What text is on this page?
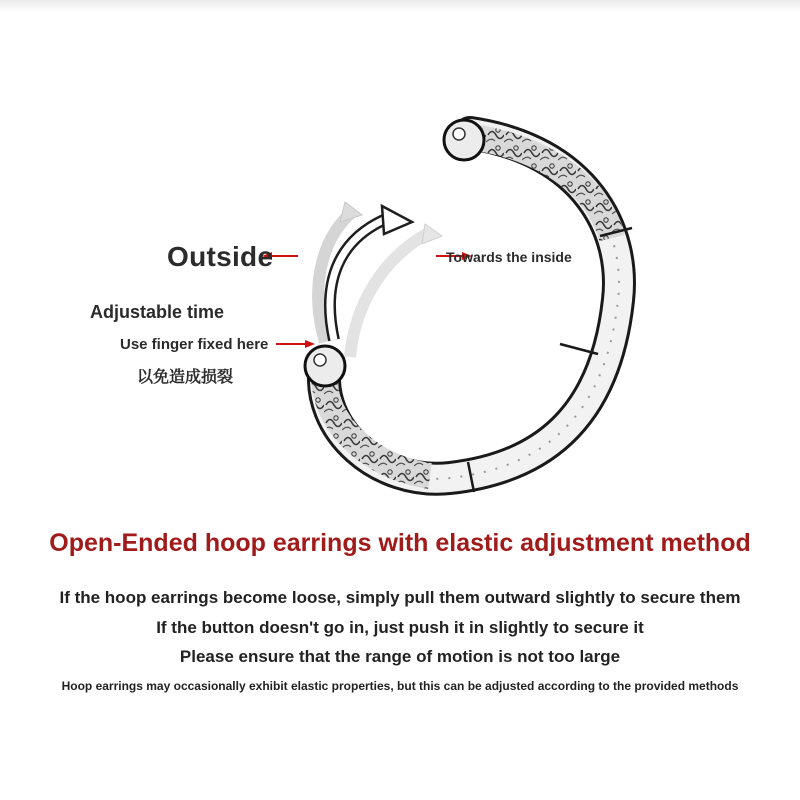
Outside	Towards the inside
Adjustable time
Use finger fixed here
以免造成损裂
Open-Ended hoop earrings with elastic adjustment method
If the hoop earrings become loose, simply pull them outward slightly to secure them
If the button doesn't go in, just push it in slightly to secure it
Please ensure that the range of motion is not too large
Hoop earrings may occasionally exhibit elastic properties, but this can be adjusted according to the provided methods
